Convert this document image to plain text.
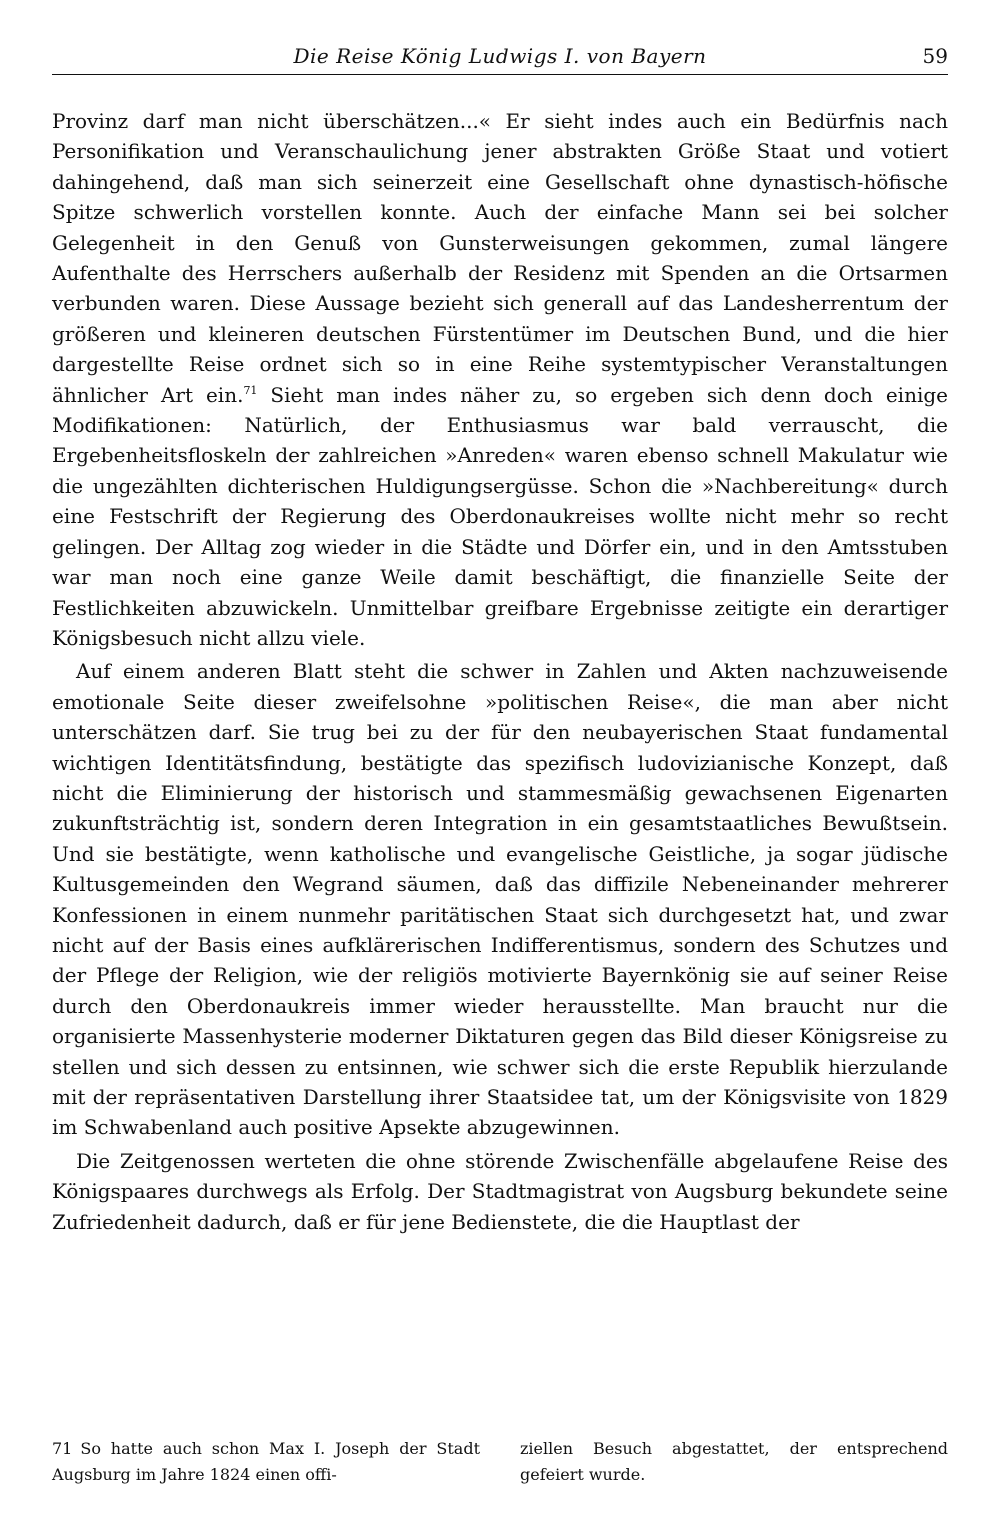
Die Reise König Ludwigs I. von Bayern	59

Provinz darf man nicht überschätzen...« Er sieht indes auch ein Bedürfnis nach Personifikation und Veranschaulichung jener abstrakten Größe Staat und votiert dahingehend, daß man sich seinerzeit eine Gesellschaft ohne dynastisch-höfische Spitze schwerlich vorstellen konnte. Auch der einfache Mann sei bei solcher Gelegenheit in den Genuß von Gunsterweisungen gekommen, zumal längere Aufenthalte des Herrschers außerhalb der Residenz mit Spenden an die Ortsarmen verbunden waren. Diese Aussage bezieht sich generall auf das Landesherrentum der größeren und kleineren deutschen Fürstentümer im Deutschen Bund, und die hier dargestellte Reise ordnet sich so in eine Reihe systemtypischer Veranstaltungen ähnlicher Art ein.$^{71}$ Sieht man indes näher zu, so ergeben sich denn doch einige Modifikationen: Natürlich, der Enthusiasmus war bald verrauscht, die Ergebenheitsfloskeln der zahlreichen »Anreden« waren ebenso schnell Makulatur wie die ungezählten dichterischen Huldigungsergüsse. Schon die »Nachbereitung« durch eine Festschrift der Regierung des Oberdonaukreises wollte nicht mehr so recht gelingen. Der Alltag zog wieder in die Städte und Dörfer ein, und in den Amtsstuben war man noch eine ganze Weile damit beschäftigt, die finanzielle Seite der Festlichkeiten abzuwickeln. Unmittelbar greifbare Ergebnisse zeitigte ein derartiger Königsbesuch nicht allzu viele.

Auf einem anderen Blatt steht die schwer in Zahlen und Akten nachzuweisende emotionale Seite dieser zweifelsohne »politischen Reise«, die man aber nicht unterschätzen darf. Sie trug bei zu der für den neubayerischen Staat fundamental wichtigen Identitätsfindung, bestätigte das spezifisch ludovizianische Konzept, daß nicht die Eliminierung der historisch und stammesmäßig gewachsenen Eigenarten zukunftsträchtig ist, sondern deren Integration in ein gesamtstaatliches Bewußtsein. Und sie bestätigte, wenn katholische und evangelische Geistliche, ja sogar jüdische Kultusgemeinden den Wegrand säumen, daß das diffizile Nebeneinander mehrerer Konfessionen in einem nunmehr paritätischen Staat sich durchgesetzt hat, und zwar nicht auf der Basis eines aufklärerischen Indifferentismus, sondern des Schutzes und der Pflege der Religion, wie der religiös motivierte Bayernkönig sie auf seiner Reise durch den Oberdonaukreis immer wieder herausstellte. Man braucht nur die organisierte Massenhysterie moderner Diktaturen gegen das Bild dieser Königsreise zu stellen und sich dessen zu entsinnen, wie schwer sich die erste Republik hierzulande mit der repräsentativen Darstellung ihrer Staatsidee tat, um der Königsvisite von 1829 im Schwabenland auch positive Apsekte abzugewinnen.

Die Zeitgenossen werteten die ohne störende Zwischenfälle abgelaufene Reise des Königspaares durchwegs als Erfolg. Der Stadtmagistrat von Augsburg bekundete seine Zufriedenheit dadurch, daß er für jene Bedienstete, die die Hauptlast der

71 So hatte auch schon Max I. Joseph der Stadt Augsburg im Jahre 1824 einen offi-
ziellen Besuch abgestattet, der entsprechend gefeiert wurde.
